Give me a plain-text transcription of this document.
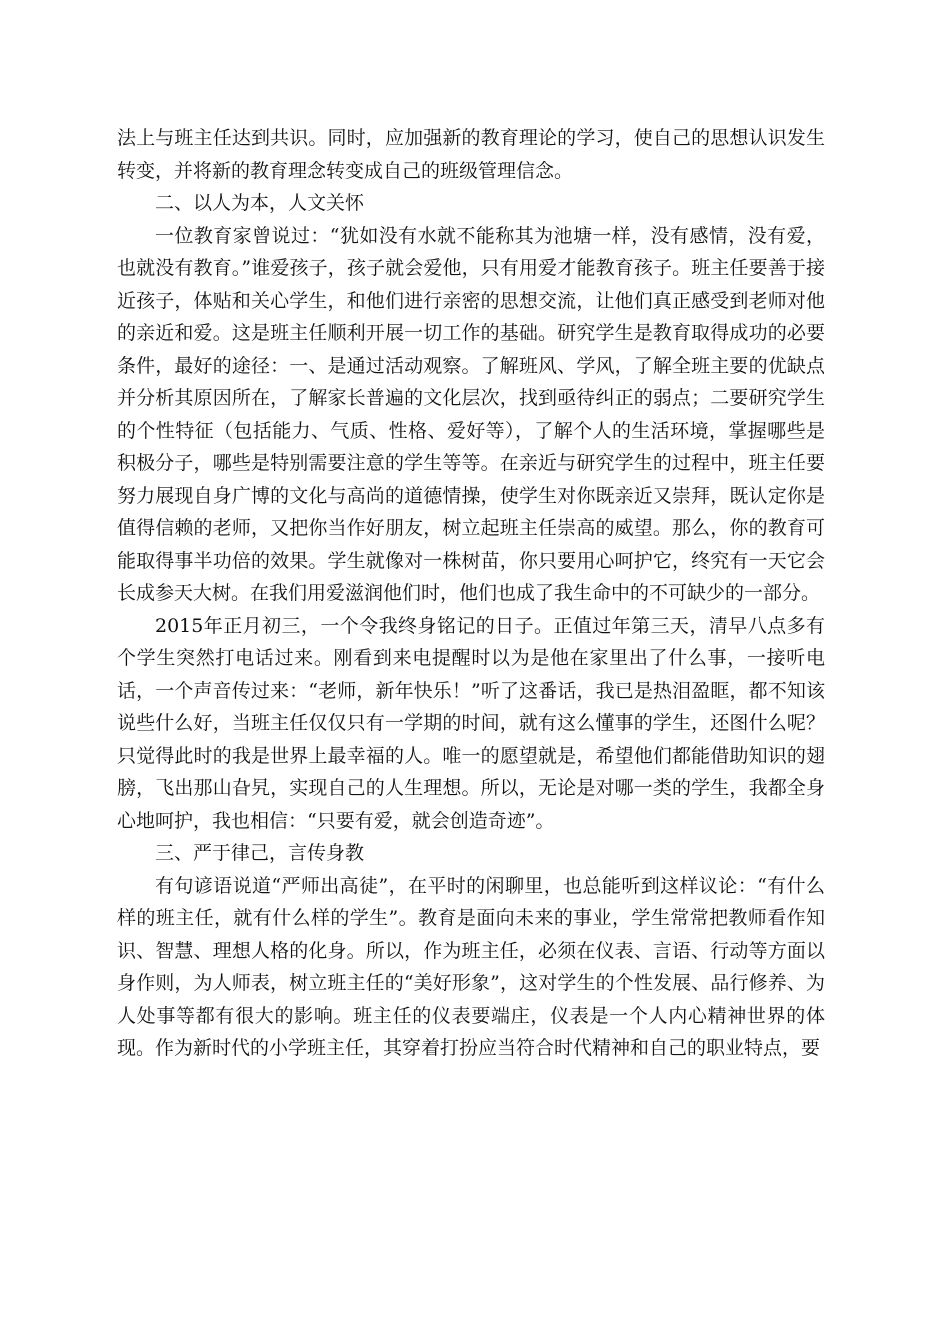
法上与班主任达到共识。同时，应加强新的教育理论的学习，使自己的思想认识发生转变，并将新的教育理念转变成自己的班级管理信念。

二、以人为本，人文关怀

一位教育家曾说过：“犹如没有水就不能称其为池塘一样，没有感情，没有爱，也就没有教育。”谁爱孩子，孩子就会爱他，只有用爱才能教育孩子。班主任要善于接近孩子，体贴和关心学生，和他们进行亲密的思想交流，让他们真正感受到老师对他的亲近和爱。这是班主任顺利开展一切工作的基础。研究学生是教育取得成功的必要条件，最好的途径：一、是通过活动观察。了解班风、学风，了解全班主要的优缺点并分析其原因所在，了解家长普遍的文化层次，找到亟待纠正的弱点；二要研究学生的个性特征（包括能力、气质、性格、爱好等），了解个人的生活环境，掌握哪些是积极分子，哪些是特别需要注意的学生等等。在亲近与研究学生的过程中，班主任要努力展现自身广博的文化与高尚的道德情操，使学生对你既亲近又崇拜，既认定你是值得信赖的老师，又把你当作好朋友，树立起班主任崇高的威望。那么，你的教育可能取得事半功倍的效果。学生就像对一株树苗，你只要用心呵护它，终究有一天它会长成参天大树。在我们用爱滋润他们时，他们也成了我生命中的不可缺少的一部分。

2015年正月初三，一个令我终身铭记的日子。正值过年第三天，清早八点多有个学生突然打电话过来。刚看到来电提醒时以为是他在家里出了什么事，一接听电话，一个声音传过来：“老师，新年快乐！”听了这番话，我已是热泪盈眶，都不知该说些什么好，当班主任仅仅只有一学期的时间，就有这么懂事的学生，还图什么呢？只觉得此时的我是世界上最幸福的人。唯一的愿望就是，希望他们都能借助知识的翅膀，飞出那山旮旯，实现自己的人生理想。所以，无论是对哪一类的学生，我都全身心地呵护，我也相信：“只要有爱，就会创造奇迹”。

三、严于律己，言传身教

有句谚语说道“严师出高徒”，在平时的闲聊里，也总能听到这样议论：“有什么样的班主任，就有什么样的学生”。教育是面向未来的事业，学生常常把教师看作知识、智慧、理想人格的化身。所以，作为班主任，必须在仪表、言语、行动等方面以身作则，为人师表，树立班主任的“美好形象”，这对学生的个性发展、品行修养、为人处事等都有很大的影响。班主任的仪表要端庄，仪表是一个人内心精神世界的体现。作为新时代的小学班主任，其穿着打扮应当符合时代精神和自己的职业特点，要
